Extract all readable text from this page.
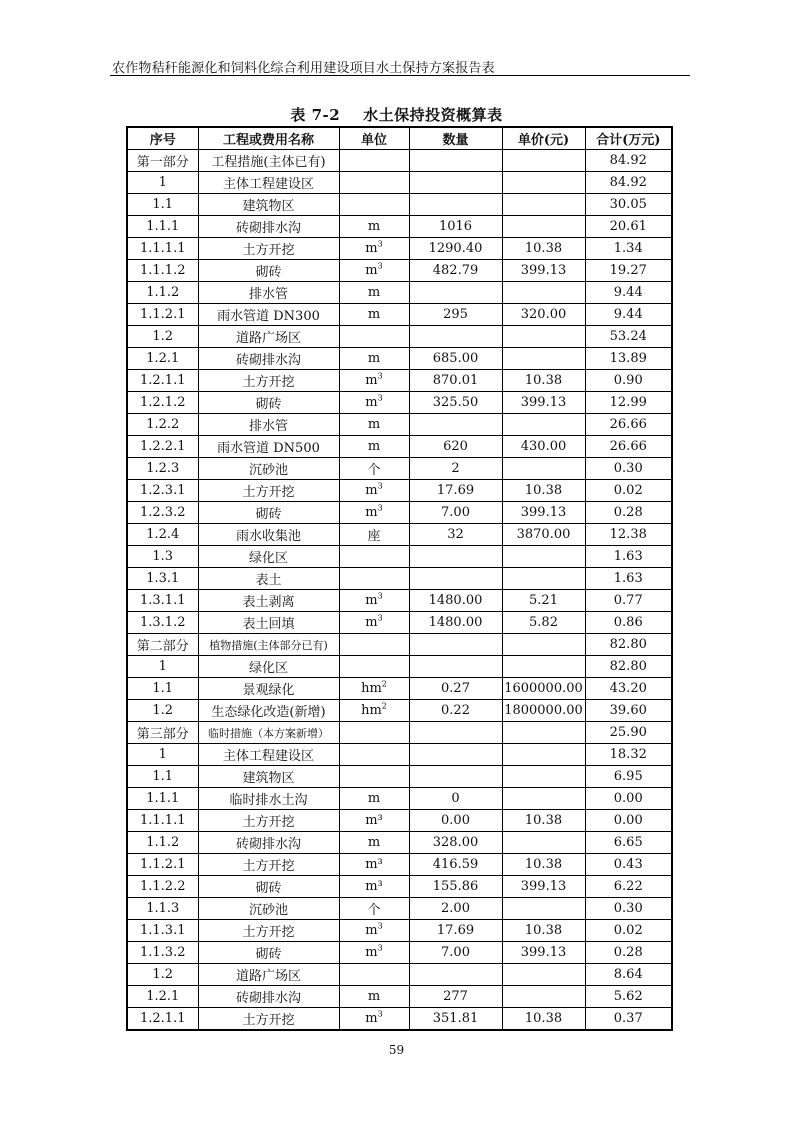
农作物秸秆能源化和饲料化综合利用建设项目水土保持方案报告表
表 7-2    水土保持投资概算表
序号	工程或费用名称	单位	数量	单价(元)	合计(万元)
第一部分	工程措施(主体已有)				84.92
1	主体工程建设区				84.92
1.1	建筑物区				30.05
1.1.1	砖砌排水沟	m	1016		20.61
1.1.1.1	土方开挖	$m^3$	1290.40	10.38	1.34
1.1.1.2	砌砖	$m^3$	482.79	399.13	19.27
1.1.2	排水管	m			9.44
1.1.2.1	雨水管道 DN300	m	295	320.00	9.44
1.2	道路广场区				53.24
1.2.1	砖砌排水沟	m	685.00		13.89
1.2.1.1	土方开挖	$m^3$	870.01	10.38	0.90
1.2.1.2	砌砖	$m^3$	325.50	399.13	12.99
1.2.2	排水管	m			26.66
1.2.2.1	雨水管道 DN500	m	620	430.00	26.66
1.2.3	沉砂池	个	2		0.30
1.2.3.1	土方开挖	$m^3$	17.69	10.38	0.02
1.2.3.2	砌砖	$m^3$	7.00	399.13	0.28
1.2.4	雨水收集池	座	32	3870.00	12.38
1.3	绿化区				1.63
1.3.1	表土				1.63
1.3.1.1	表土剥离	$m^3$	1480.00	5.21	0.77
1.3.1.2	表土回填	$m^3$	1480.00	5.82	0.86
第二部分	植物措施(主体部分已有)				82.80
1	绿化区				82.80
1.1	景观绿化	$hm^2$	0.27	1600000.00	43.20
1.2	生态绿化改造(新增)	$hm^2$	0.22	1800000.00	39.60
第三部分	临时措施（本方案新增）				25.90
1	主体工程建设区				18.32
1.1	建筑物区				6.95
1.1.1	临时排水土沟	m	0		0.00
1.1.1.1	土方开挖	m³	0.00	10.38	0.00
1.1.2	砖砌排水沟	m	328.00		6.65
1.1.2.1	土方开挖	m³	416.59	10.38	0.43
1.1.2.2	砌砖	m³	155.86	399.13	6.22
1.1.3	沉砂池	个	2.00		0.30
1.1.3.1	土方开挖	$m^3$	17.69	10.38	0.02
1.1.3.2	砌砖	$m^3$	7.00	399.13	0.28
1.2	道路广场区				8.64
1.2.1	砖砌排水沟	m	277		5.62
1.2.1.1	土方开挖	$m^3$	351.81	10.38	0.37
59
